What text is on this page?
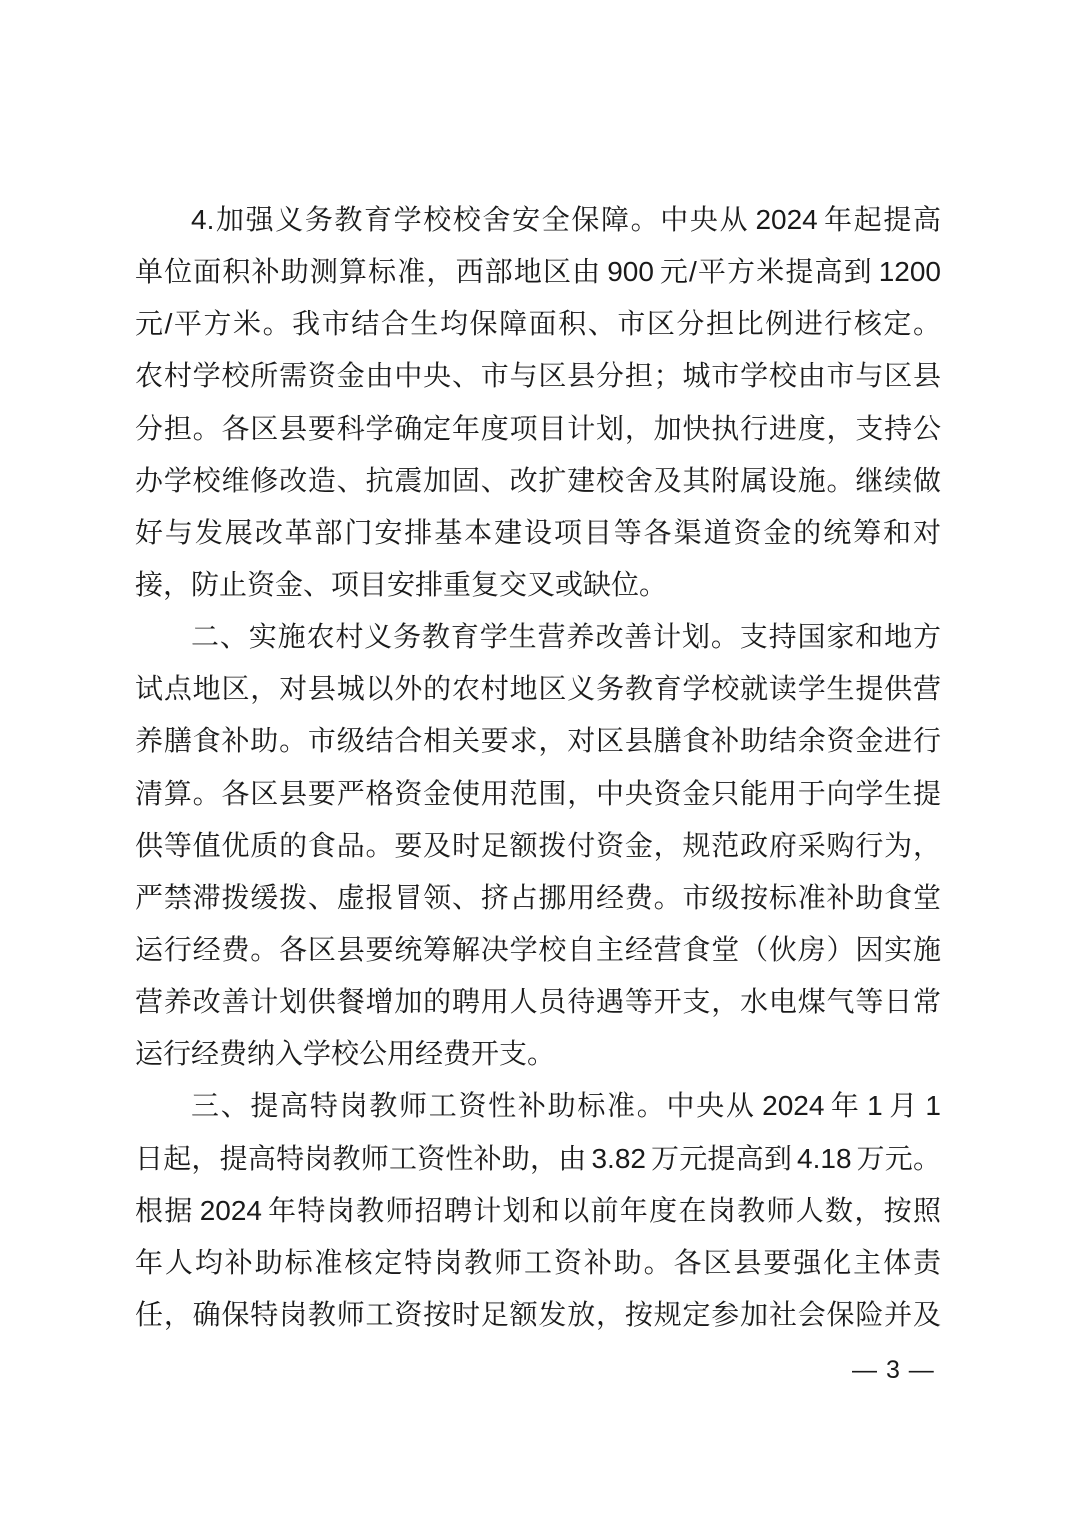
4.加强义务教育学校校舍安全保障。中央从 2024 年起提高
单位面积补助测算标准，西部地区由 900 元/平方米提高到 1200
元/平方米。我市结合生均保障面积、市区分担比例进行核定。
农村学校所需资金由中央、市与区县分担；城市学校由市与区县
分担。各区县要科学确定年度项目计划，加快执行进度，支持公
办学校维修改造、抗震加固、改扩建校舍及其附属设施。继续做
好与发展改革部门安排基本建设项目等各渠道资金的统筹和对
接，防止资金、项目安排重复交叉或缺位。
二、实施农村义务教育学生营养改善计划。支持国家和地方
试点地区，对县城以外的农村地区义务教育学校就读学生提供营
养膳食补助。市级结合相关要求，对区县膳食补助结余资金进行
清算。各区县要严格资金使用范围，中央资金只能用于向学生提
供等值优质的食品。要及时足额拨付资金，规范政府采购行为，
严禁滞拨缓拨、虚报冒领、挤占挪用经费。市级按标准补助食堂
运行经费。各区县要统筹解决学校自主经营食堂（伙房）因实施
营养改善计划供餐增加的聘用人员待遇等开支，水电煤气等日常
运行经费纳入学校公用经费开支。
三、提高特岗教师工资性补助标准。中央从 2024 年 1 月 1
日起，提高特岗教师工资性补助，由 3.82 万元提高到 4.18 万元。
根据 2024 年特岗教师招聘计划和以前年度在岗教师人数，按照
年人均补助标准核定特岗教师工资补助。各区县要强化主体责
任，确保特岗教师工资按时足额发放，按规定参加社会保险并及
— 3 —
